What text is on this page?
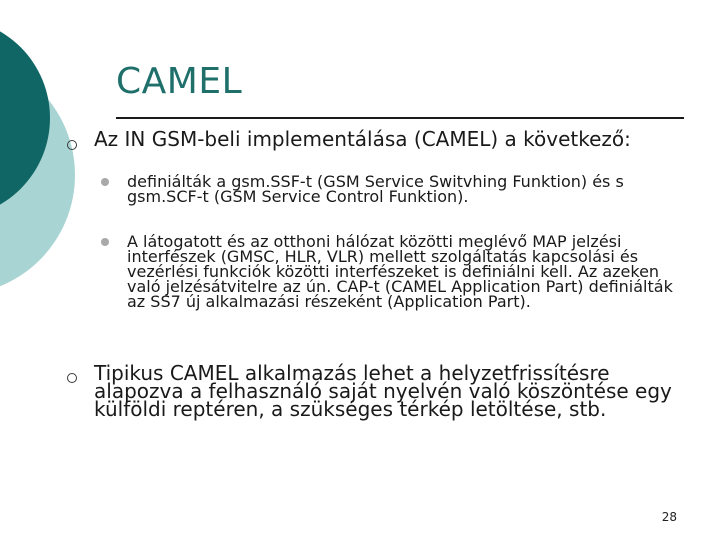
CAMEL
Az IN GSM-beli implementálása (CAMEL) a következő:
definiálták a gsm.SSF-t (GSM Service Switvhing Funktion) és s gsm.SCF-t (GSM Service Control Funktion).
A látogatott és az otthoni hálózat közötti meglévő MAP jelzési interfészek (GMSC, HLR, VLR) mellett szolgáltatás kapcsolási és vezérlési funkciók közötti interfészeket is definiálni kell. Az azeken való jelzésátvitelre az ún. CAP-t (CAMEL Application Part) definiálták az SS7 új alkalmazási részeként (Application Part).
Tipikus CAMEL alkalmazás lehet a helyzetfrissítésre alapozva a felhasználó saját nyelvén való köszöntése egy külföldi reptéren, a szükséges térkép letöltése, stb.
28
